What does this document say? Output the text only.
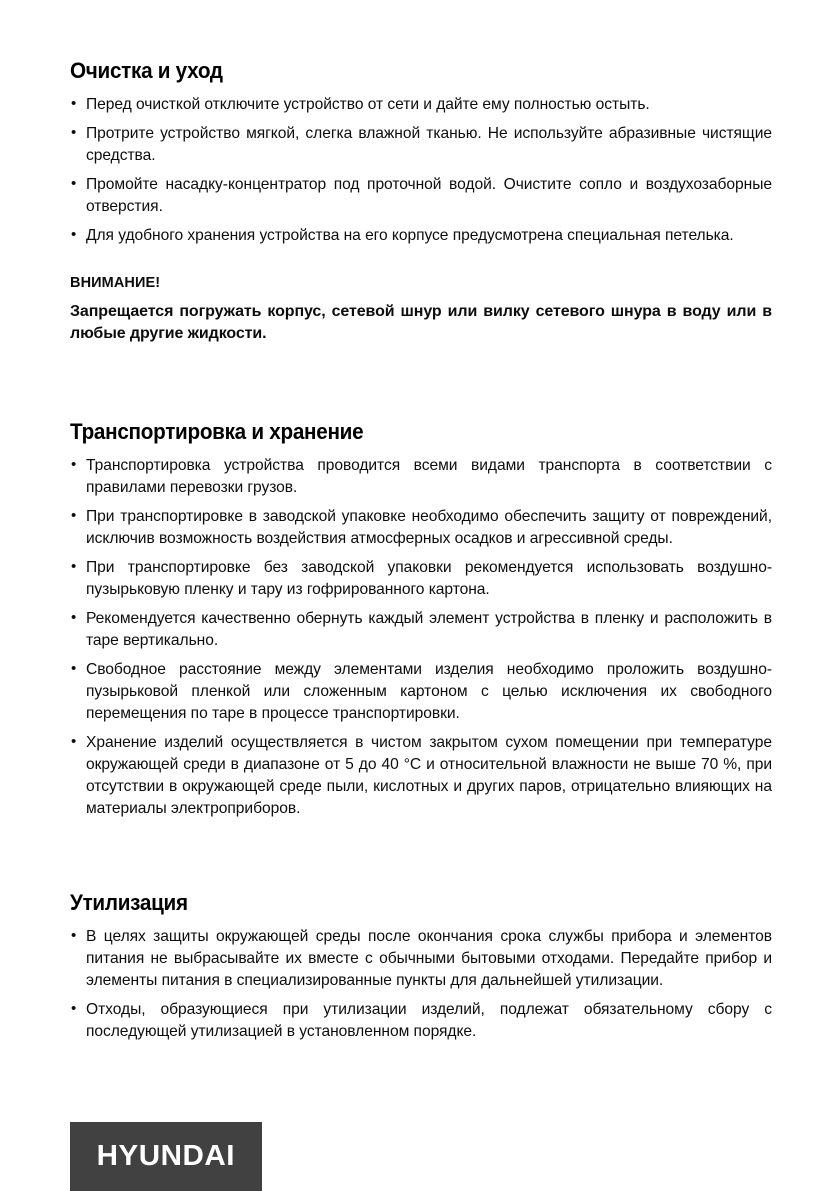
Очистка и уход
• Перед очисткой отключите устройство от сети и дайте ему полностью остыть.
• Протрите устройство мягкой, слегка влажной тканью. Не используйте абразивные чистящие средства.
• Промойте насадку-концентратор под проточной водой. Очистите сопло и воздухозаборные отверстия.
• Для удобного хранения устройства на его корпусе предусмотрена специальная петелька.

ВНИМАНИЕ!

Запрещается погружать корпус, сетевой шнур или вилку сетевого шнура в воду или в любые другие жидкости.

Транспортировка и хранение
• Транспортировка устройства проводится всеми видами транспорта в соответствии с правилами перевозки грузов.
• При транспортировке в заводской упаковке необходимо обеспечить защиту от повреждений, исключив возможность воздействия атмосферных осадков и агрессивной среды.
• При транспортировке без заводской упаковки рекомендуется использовать воздушно-пузырьковую пленку и тару из гофрированного картона.
• Рекомендуется качественно обернуть каждый элемент устройства в пленку и расположить в таре вертикально.
• Свободное расстояние между элементами изделия необходимо проложить воздушно-пузырьковой пленкой или сложенным картоном с целью исключения их свободного перемещения по таре в процессе транспортировки.
• Хранение изделий осуществляется в чистом закрытом сухом помещении при температуре окружающей среди в диапазоне от 5 до 40 °С и относительной влажности не выше 70 %, при отсутствии в окружающей среде пыли, кислотных и других паров, отрицательно влияющих на материалы электроприборов.
Утилизация
• В целях защиты окружающей среды после окончания срока службы прибора и элементов питания не выбрасывайте их вместе с обычными бытовыми отходами. Передайте прибор и элементы питания в специализированные пункты для дальнейшей утилизации.
• Отходы, образующиеся при утилизации изделий, подлежат обязательному сбору с последующей утилизацией в установленном порядке.
HYUNDAI
